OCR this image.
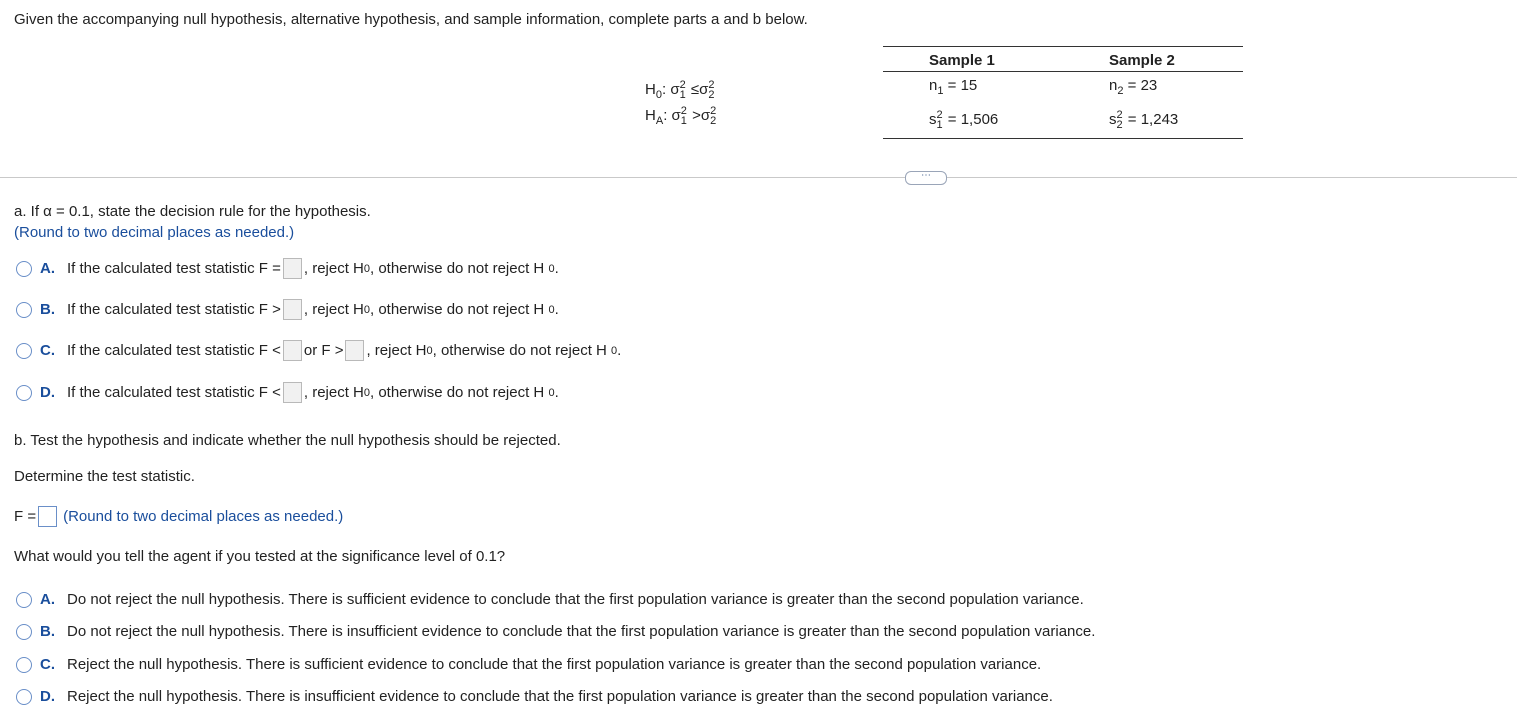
Given the accompanying null hypothesis, alternative hypothesis, and sample information, complete parts a and b below.
$H_0$: σ 2
1 ≤σ 2
2
$H_A$: σ 2
1 >σ 2
2
Sample 1	Sample 2
$n_1 = 15$	$n_2 = 23$
s 2
1 = 1,506	s 2
2 = 1,243
⋯
a. If α = 0.1, state the decision rule for the hypothesis.
(Round to two decimal places as needed.)
A. If the calculated test statistic F = , reject H 0 , otherwise do not reject H
0 .
B. If the calculated test statistic F > , reject H 0 , otherwise do not reject H
0 .
C. If the calculated test statistic F < or F > , reject H 0 , otherwise do not reject H
0 .
D. If the calculated test statistic F < , reject H 0 , otherwise do not reject H
0 .
b. Test the hypothesis and indicate whether the null hypothesis should be rejected.
Determine the test statistic.
F = (Round to two decimal places as needed.)
What would you tell the agent if you tested at the significance level of 0.1?
A. Do not reject the null hypothesis. There is sufficient evidence to conclude that the first population variance is greater than the second population variance.
B. Do not reject the null hypothesis. There is insufficient evidence to conclude that the first population variance is greater than the second population variance.
C. Reject the null hypothesis. There is sufficient evidence to conclude that the first population variance is greater than the second population variance.
D. Reject the null hypothesis. There is insufficient evidence to conclude that the first population variance is greater than the second population variance.
